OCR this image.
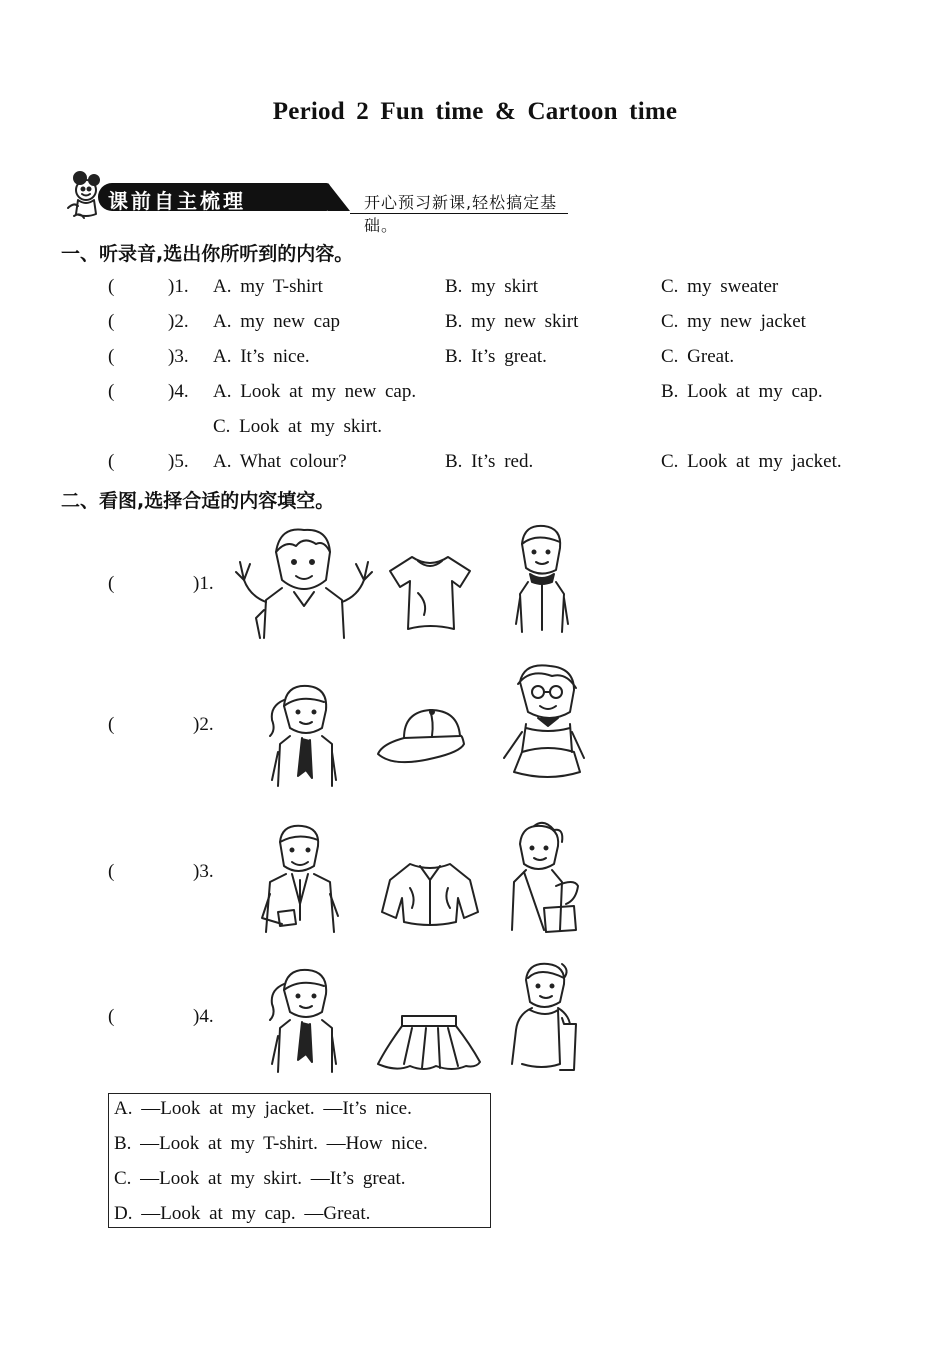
Period 2 Fun time & Cartoon time
课前自主梳理	开心预习新课,轻松搞定基础。
一、听录音,选出你所听到的内容。
(	)1. A. my T-shirt	B. my skirt	C. my sweater
(	)2. A. my new cap	B. my new skirt	C. my new jacket
(	)3. A. It’s nice.	B. It’s great.	C. Great.
(	)4. A. Look at my new cap.	B. Look at my cap.
C. Look at my skirt.
(	)5. A. What colour?	B. It’s red.	C. Look at my jacket.
二、看图,选择合适的内容填空。
(	)1.
(	)2.
(	)3.
(	)4.
A. —Look at my jacket. —It’s nice.
B. —Look at my T-shirt. —How nice.
C. —Look at my skirt. —It’s great.
D. —Look at my cap. —Great.
